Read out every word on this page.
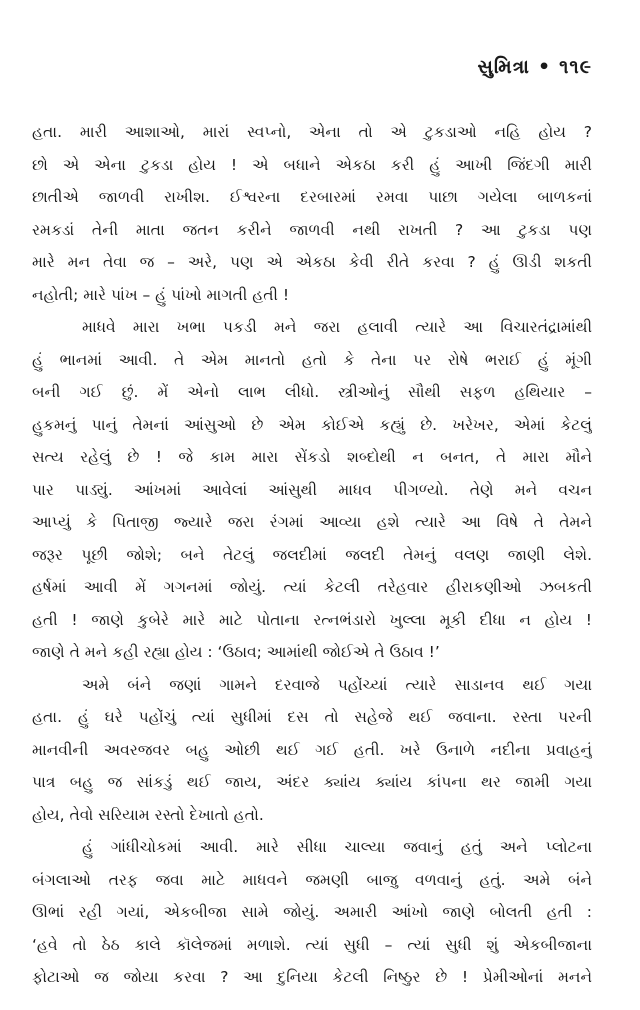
સુમિત્રા • ૧૧૯
હતા. મારી આશાઓ, મારાં સ્વપ્નો, એના તો એ ટુકડાઓ નહિ હોય ?
છો એ એના ટુકડા હોય ! એ બધાને એકઠા કરી હું આખી જિંદગી મારી
છાતીએ જાળવી રાખીશ. ઈશ્વરના દરબારમાં રમવા પાછા ગયેલા બાળકનાં
રમકડાં તેની માતા જતન કરીને જાળવી નથી રાખતી ? આ ટુકડા પણ
મારે મન તેવા જ – અરે, પણ એ એકઠા કેવી રીતે કરવા ? હું ઊડી શકતી
નહોતી; મારે પાંખ – હું પાંખો માગતી હતી !
માધવે મારા ખભા પકડી મને જરા હલાવી ત્યારે આ વિચારતંદ્રામાંથી
હું ભાનમાં આવી. તે એમ માનતો હતો કે તેના પર રોષે ભરાઈ હું મૂંગી
બની ગઈ છું. મેં એનો લાભ લીધો. સ્ત્રીઓનું સૌથી સફળ હથિયાર –
હુકમનું પાનું તેમનાં આંસુઓ છે એમ કોઈએ કહ્યું છે. ખરેખર, એમાં કેટલું
સત્ય રહેલું છે ! જે કામ મારા સેંકડો શબ્દોથી ન બનત, તે મારા મૌને
પાર પાડ્યું. આંખમાં આવેલાં આંસુથી માધવ પીગળ્યો. તેણે મને વચન
આપ્યું કે પિતાજી જ્યારે જરા રંગમાં આવ્યા હશે ત્યારે આ વિષે તે તેમને
જરૂર પૂછી જોશે; બને તેટલું જલદીમાં જલદી તેમનું વલણ જાણી લેશે.
હર્ષમાં આવી મેં ગગનમાં જોયું. ત્યાં કેટલી તરેહવાર હીરાકણીઓ ઝબકતી
હતી ! જાણે કુબેરે મારે માટે પોતાના રત્નભંડારો ખુલ્લા મૂકી દીધા ન હોય !
જાણે તે મને કહી રહ્યા હોય : ‘ઉઠાવ; આમાંથી જોઈએ તે ઉઠાવ !’
અમે બંને જણાં ગામને દરવાજે પહોંચ્યાં ત્યારે સાડાનવ થઈ ગયા
હતા. હું ઘરે પહોંચું ત્યાં સુધીમાં દસ તો સહેજે થઈ જવાના. રસ્તા પરની
માનવીની અવરજવર બહુ ઓછી થઈ ગઈ હતી. ખરે ઉનાળે નદીના પ્રવાહનું
પાત્ર બહુ જ સાંકડું થઈ જાય, અંદર ક્યાંય ક્યાંય કાંપના થર જામી ગયા
હોય, તેવો સરિયામ રસ્તો દેખાતો હતો.
હું ગાંધીચોકમાં આવી. મારે સીધા ચાલ્યા જવાનું હતું અને પ્લોટના
બંગલાઓ તરફ જવા માટે માધવને જમણી બાજુ વળવાનું હતું. અમે બંને
ઊભાં રહી ગયાં, એકબીજા સામે જોયું. અમારી આંખો જાણે બોલતી હતી :
‘હવે તો ઠેઠ કાલે કૉલેજમાં મળાશે. ત્યાં સુધી – ત્યાં સુધી શું એકબીજાના
ફોટાઓ જ જોયા કરવા ? આ દુનિયા કેટલી નિષ્ઠુર છે ! પ્રેમીઓનાં મનને
